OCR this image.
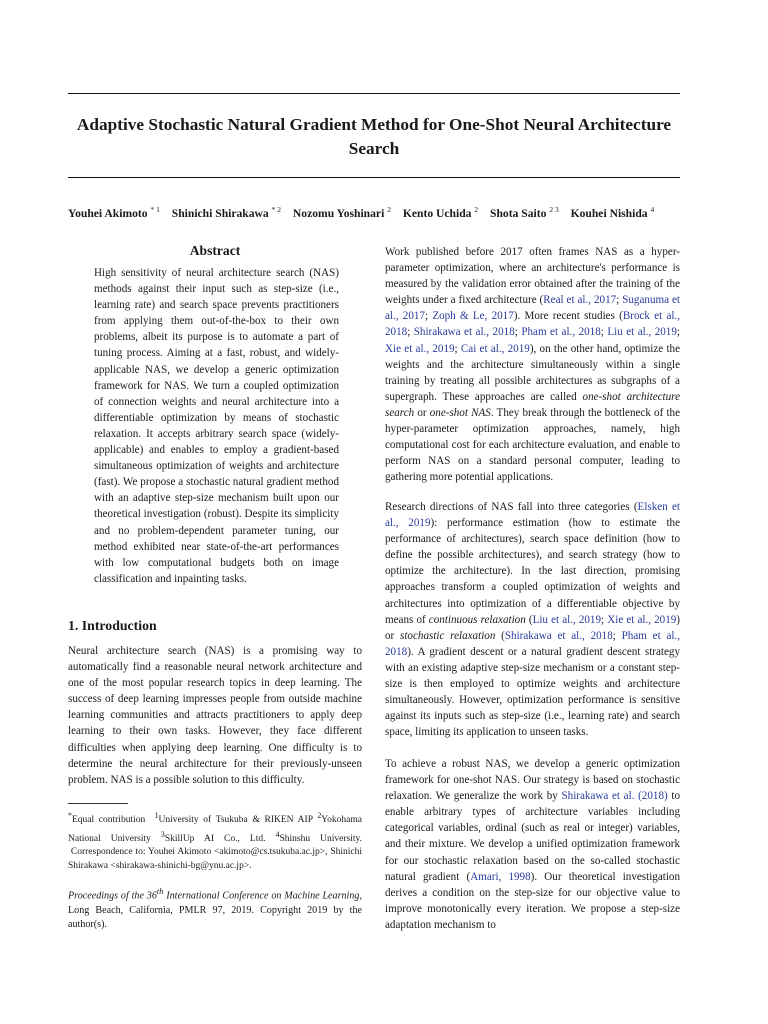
Adaptive Stochastic Natural Gradient Method for One-Shot Neural Architecture Search
Youhei Akimoto $^{* 1}$ Shinichi Shirakawa $^{* 2}$ Nozomu Yoshinari $^2$ Kento Uchida $^2$ Shota Saito $^{2 3}$ Kouhei Nishida $^4$
Abstract

High sensitivity of neural architecture search (NAS) methods against their input such as step-size (i.e., learning rate) and search space prevents practitioners from applying them out-of-the-box to their own problems, albeit its purpose is to automate a part of tuning process. Aiming at a fast, robust, and widely-applicable NAS, we develop a generic optimization framework for NAS. We turn a coupled optimization of connection weights and neural architecture into a differentiable optimization by means of stochastic relaxation. It accepts arbitrary search space (widely-applicable) and enables to employ a gradient-based simultaneous optimization of weights and architecture (fast). We propose a stochastic natural gradient method with an adaptive step-size mechanism built upon our theoretical investigation (robust). Despite its simplicity and no problem-dependent parameter tuning, our method exhibited near state-of-the-art performances with low computational budgets both on image classification and inpainting tasks.

1. Introduction

Neural architecture search (NAS) is a promising way to automatically find a reasonable neural network architecture and one of the most popular research topics in deep learning. The success of deep learning impresses people from outside machine learning communities and attracts practitioners to apply deep learning to their own tasks. However, they face different difficulties when applying deep learning. One difficulty is to determine the neural architecture for their previously-unseen problem. NAS is a possible solution to this difficulty.

*Equal contribution $^1$University of Tsukuba & RIKEN AIP $^2$Yokohama National University $^3$SkillUp AI Co., Ltd. $^4$Shinshu University.  Correspondence to: Youhei Akimoto <akimoto@cs.tsukuba.ac.jp>, Shinichi Shirakawa <shirakawa-shinichi-bg@ynu.ac.jp>.

Proceedings of the 36th International Conference on Machine Learning, Long Beach, California, PMLR 97, 2019. Copyright 2019 by the author(s).

Work published before 2017 often frames NAS as a hyper-parameter optimization, where an architecture's performance is measured by the validation error obtained after the training of the weights under a fixed architecture (Real et al., 2017; Suganuma et al., 2017; Zoph & Le, 2017). More recent studies (Brock et al., 2018; Shirakawa et al., 2018; Pham et al., 2018; Liu et al., 2019; Xie et al., 2019; Cai et al., 2019), on the other hand, optimize the weights and the architecture simultaneously within a single training by treating all possible architectures as subgraphs of a supergraph. These approaches are called one-shot architecture search or one-shot NAS. They break through the bottleneck of the hyper-parameter optimization approaches, namely, high computational cost for each architecture evaluation, and enable to perform NAS on a standard personal computer, leading to gathering more potential applications.

Research directions of NAS fall into three categories (Elsken et al., 2019): performance estimation (how to estimate the performance of architectures), search space definition (how to define the possible architectures), and search strategy (how to optimize the architecture). In the last direction, promising approaches transform a coupled optimization of weights and architectures into optimization of a differentiable objective by means of continuous relaxation (Liu et al., 2019; Xie et al., 2019) or stochastic relaxation (Shirakawa et al., 2018; Pham et al., 2018). A gradient descent or a natural gradient descent strategy with an existing adaptive step-size mechanism or a constant step-size is then employed to optimize weights and architecture simultaneously. However, optimization performance is sensitive against its inputs such as step-size (i.e., learning rate) and search space, limiting its application to unseen tasks.

To achieve a robust NAS, we develop a generic optimization framework for one-shot NAS. Our strategy is based on stochastic relaxation. We generalize the work by Shirakawa et al. (2018) to enable arbitrary types of architecture variables including categorical variables, ordinal (such as real or integer) variables, and their mixture. We develop a unified optimization framework for our stochastic relaxation based on the so-called stochastic natural gradient (Amari, 1998). Our theoretical investigation derives a condition on the step-size for our objective value to improve monotonically every iteration. We propose a step-size adaptation mechanism to
